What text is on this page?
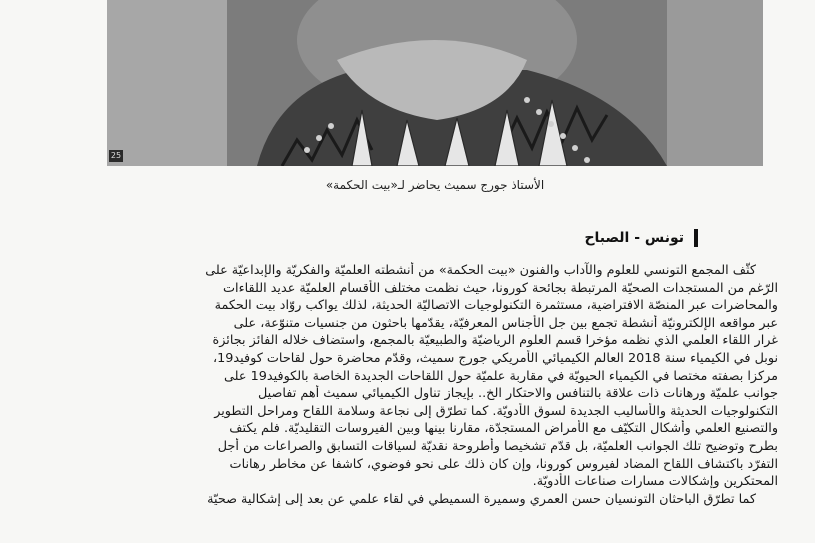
25
الأستاذ جورج سميث يحاضر لـ«بيت الحكمة»
تونس - الصباح
كثّف المجمع التونسي للعلوم والآداب والفنون «بيت الحكمة» من أنشطته العلميّة والفكريّة والإبداعيّة على
الرّغم من المستجدات الصحيّة المرتبطة بجائحة كورونا، حيث نظمت مختلف الأقسام العلميّة عديد اللقاءات
والمحاضرات عبر المنصّة الافتراضية، مستثمرة التكنولوجيات الاتصاليّة الحديثة، لذلك يواكب روّاد بيت الحكمة
عبر مواقعه الإلكترونيّة أنشطة تجمع بين جل الأجناس المعرفيّة، يقدّمها باحثون من جنسيات متنوّعة، على
غرار اللقاء العلمي الذي نظمه مؤخرا قسم العلوم الرياضيّة والطبيعيّة بالمجمع، واستضاف خلاله الفائز بجائزة
نوبل في الكيمياء سنة 2018 العالم الكيميائي الأمريكي جورج سميث، وقدّم محاضرة حول لقاحات كوفيد19،
مركزا بصفته مختصا في الكيمياء الحيويّة في مقاربة علميّة حول اللقاحات الجديدة الخاصة بالكوفيد19 على
جوانب علميّة ورهانات ذات علاقة بالتنافس والاحتكار الخ.. بإيجاز تناول الكيميائي سميث أهم تفاصيل
التكنولوجيات الحديثة والأساليب الجديدة لسوق الأدويّة. كما تطرّق إلى نجاعة وسلامة اللقاح ومراحل التطوير
والتصنيع العلمي وأشكال التكيّف مع الأمراض المستجدّة، مقارنا بينها وبين الفيروسات التقليديّة. فلم يكتف
بطرح وتوضيح تلك الجوانب العلميّة، بل قدّم تشخيصا وأطروحة نقديّة لسياقات التسابق والصراعات من أجل
التفرّد باكتشاف اللقاح المضاد لفيروس كورونا، وإن كان ذلك على نحو فوضوي، كاشفا عن مخاطر رهانات
المحتكرين وإشكالات مسارات صناعات الأدويّة.
كما تطرّق الباحثان التونسيان حسن العمري وسميرة السميطي في لقاء علمي عن بعد إلى إشكالية صحيّة
